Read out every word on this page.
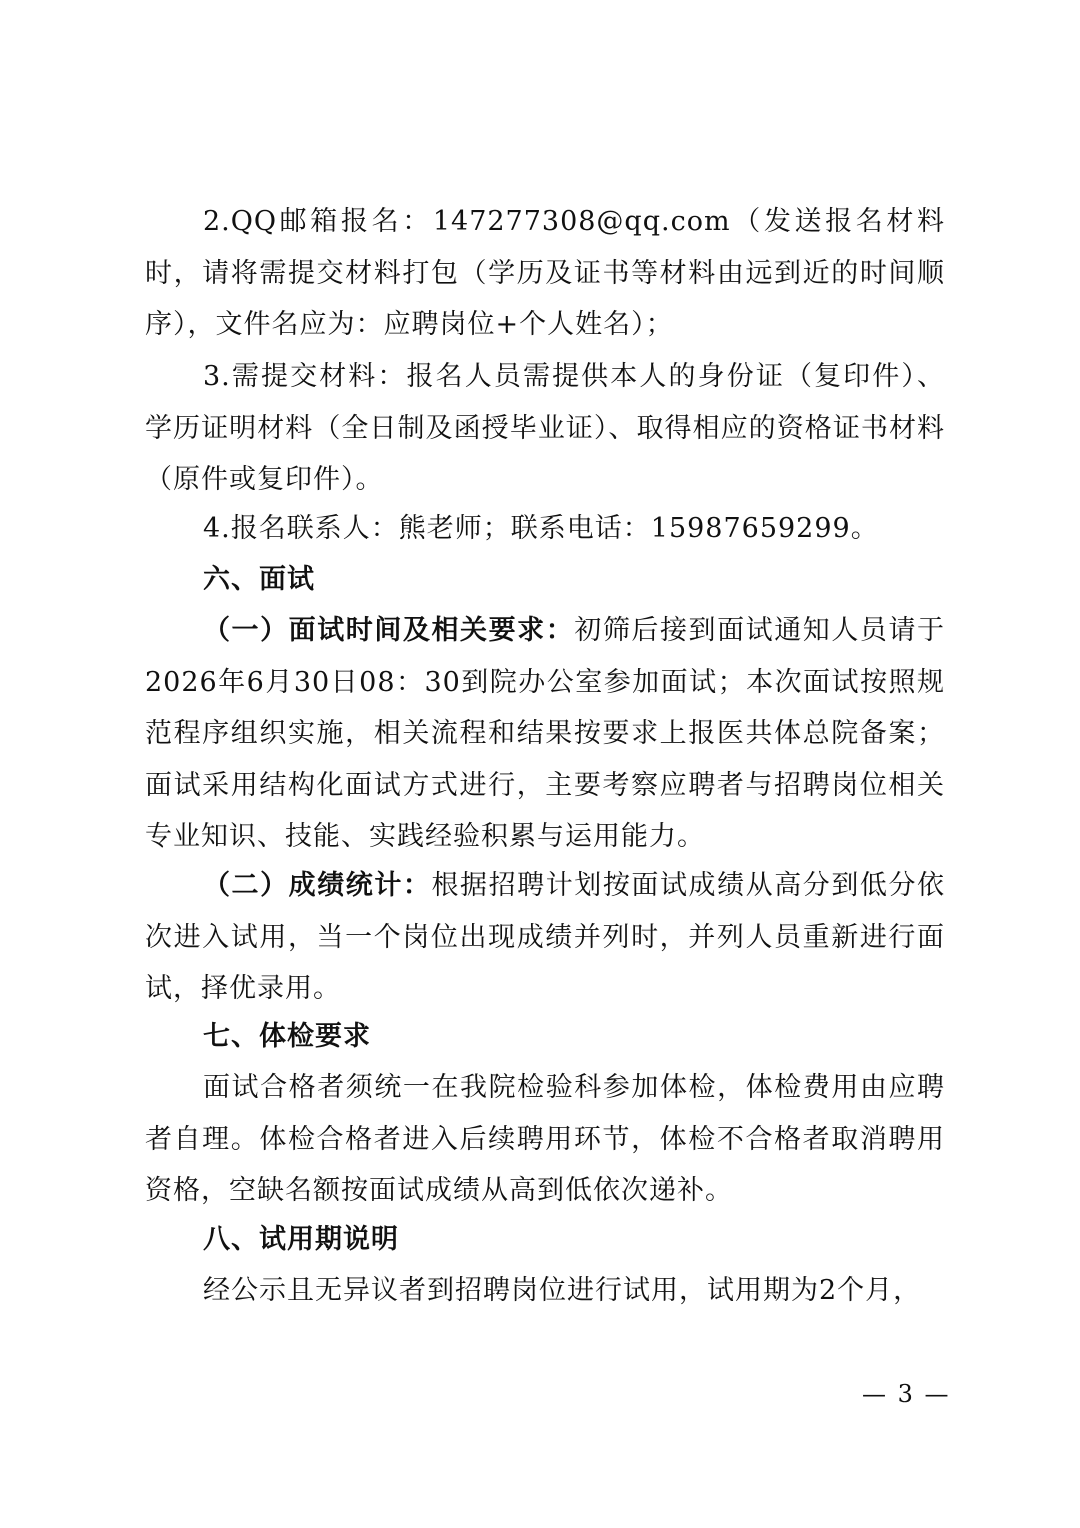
2.QQ邮箱报名：147277308@qq.com（发送报名材料时，请将需提交材料打包（学历及证书等材料由远到近的时间顺序），文件名应为：应聘岗位+个人姓名）；

3.需提交材料：报名人员需提供本人的身份证（复印件）、学历证明材料（全日制及函授毕业证）、取得相应的资格证书材料（原件或复印件）。

4.报名联系人：熊老师；联系电话：15987659299。

六、面试

（一）面试时间及相关要求：初筛后接到面试通知人员请于2026年6月30日08：30到院办公室参加面试；本次面试按照规范程序组织实施，相关流程和结果按要求上报医共体总院备案；面试采用结构化面试方式进行，主要考察应聘者与招聘岗位相关专业知识、技能、实践经验积累与运用能力。

（二）成绩统计：根据招聘计划按面试成绩从高分到低分依次进入试用，当一个岗位出现成绩并列时，并列人员重新进行面试，择优录用。

七、体检要求

面试合格者须统一在我院检验科参加体检，体检费用由应聘者自理。体检合格者进入后续聘用环节，体检不合格者取消聘用资格，空缺名额按面试成绩从高到低依次递补。

八、试用期说明

经公示且无异议者到招聘岗位进行试用，试用期为2个月，

— 3 —
